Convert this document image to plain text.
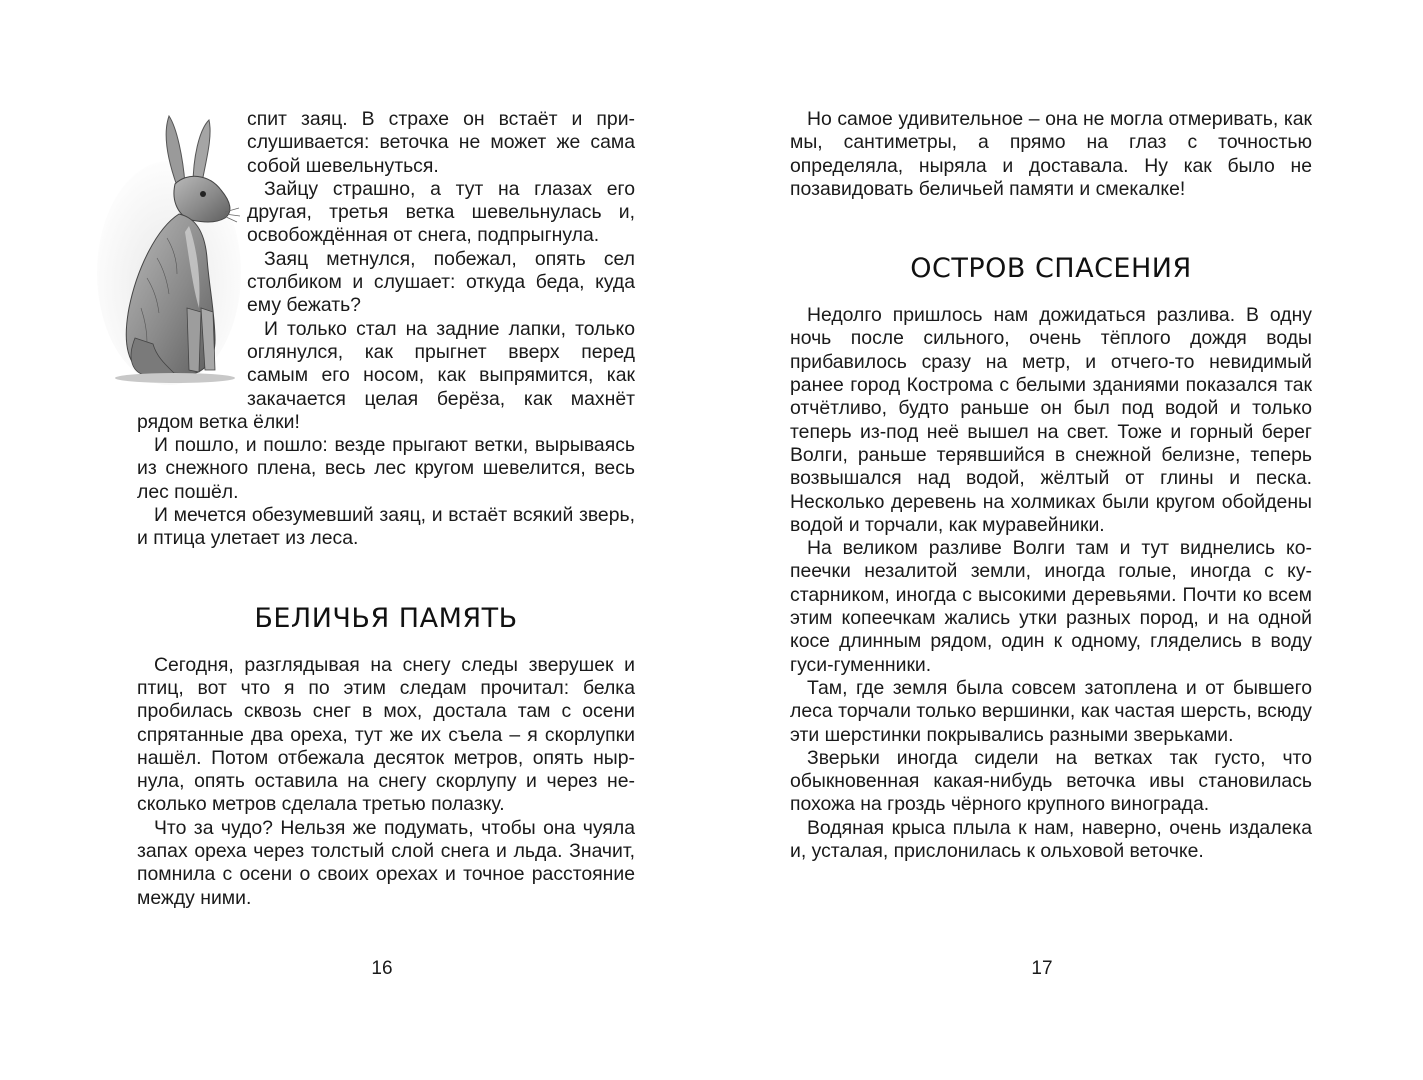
спит заяц. В страхе он встаёт и прислушивается: веточка не может же сама собой шевельнуться.

Зайцу страшно, а тут на глазах его другая, третья ветка шевельнулась и, освобождённая от снега, подпрыгнула.

Заяц метнулся, побежал, опять сел столбиком и слушает: откуда беда, куда ему бежать?

И только стал на задние лапки, только оглянулся, как прыгнет вверх перед самым его носом, как выпрямится, как закачается целая берёза, как махнёт рядом ветка ёлки!

И пошло, и пошло: везде прыгают ветки, вырываясь из снежного плена, весь лес кругом шевелится, весь лес пошёл.

И мечется обезумевший заяц, и встаёт всякий зверь, и птица улетает из леса.

БЕЛИЧЬЯ ПАМЯТЬ

Сегодня, разглядывая на снегу следы зверушек и птиц, вот что я по этим следам прочитал: белка пробилась сквозь снег в мох, достала там с осени спрятанные два ореха, тут же их съела – я скорлупки нашёл. Потом отбежала десяток метров, опять нырнула, опять оставила на снегу скорлупу и через несколько метров сделала третью полазку.

Что за чудо? Нельзя же подумать, чтобы она чуяла запах ореха через толстый слой снега и льда. Значит, помнила с осени о своих орехах и точное расстояние между ними.

16

Но самое удивительное – она не могла отмеривать, как мы, сантиметры, а прямо на глаз с точностью определяла, ныряла и доставала. Ну как было не позавидовать беличьей памяти и смекалке!

ОСТРОВ СПАСЕНИЯ

Недолго пришлось нам дожидаться разлива. В одну ночь после сильного, очень тёплого дождя воды прибавилось сразу на метр, и отчего-то невидимый ранее город Кострома с белыми зданиями показался так отчётливо, будто раньше он был под водой и только теперь из-под неё вышел на свет. Тоже и горный берег Волги, раньше терявшийся в снежной белизне, теперь возвышался над водой, жёлтый от глины и песка. Несколько деревень на холмиках были кругом обойдены водой и торчали, как муравейники.

На великом разливе Волги там и тут виднелись копеечки незалитой земли, иногда голые, иногда с кустарником, иногда с высокими деревьями. Почти ко всем этим копеечкам жались утки разных пород, и на одной косе длинным рядом, один к одному, гляделись в воду гуси-гуменники.

Там, где земля была совсем затоплена и от бывшего леса торчали только вершинки, как частая шерсть, всюду эти шерстинки покрывались разными зверьками.

Зверьки иногда сидели на ветках так густо, что обыкновенная какая-нибудь веточка ивы становилась похожа на гроздь чёрного крупного винограда.

Водяная крыса плыла к нам, наверно, очень издалека и, усталая, прислонилась к ольховой веточке.

17
